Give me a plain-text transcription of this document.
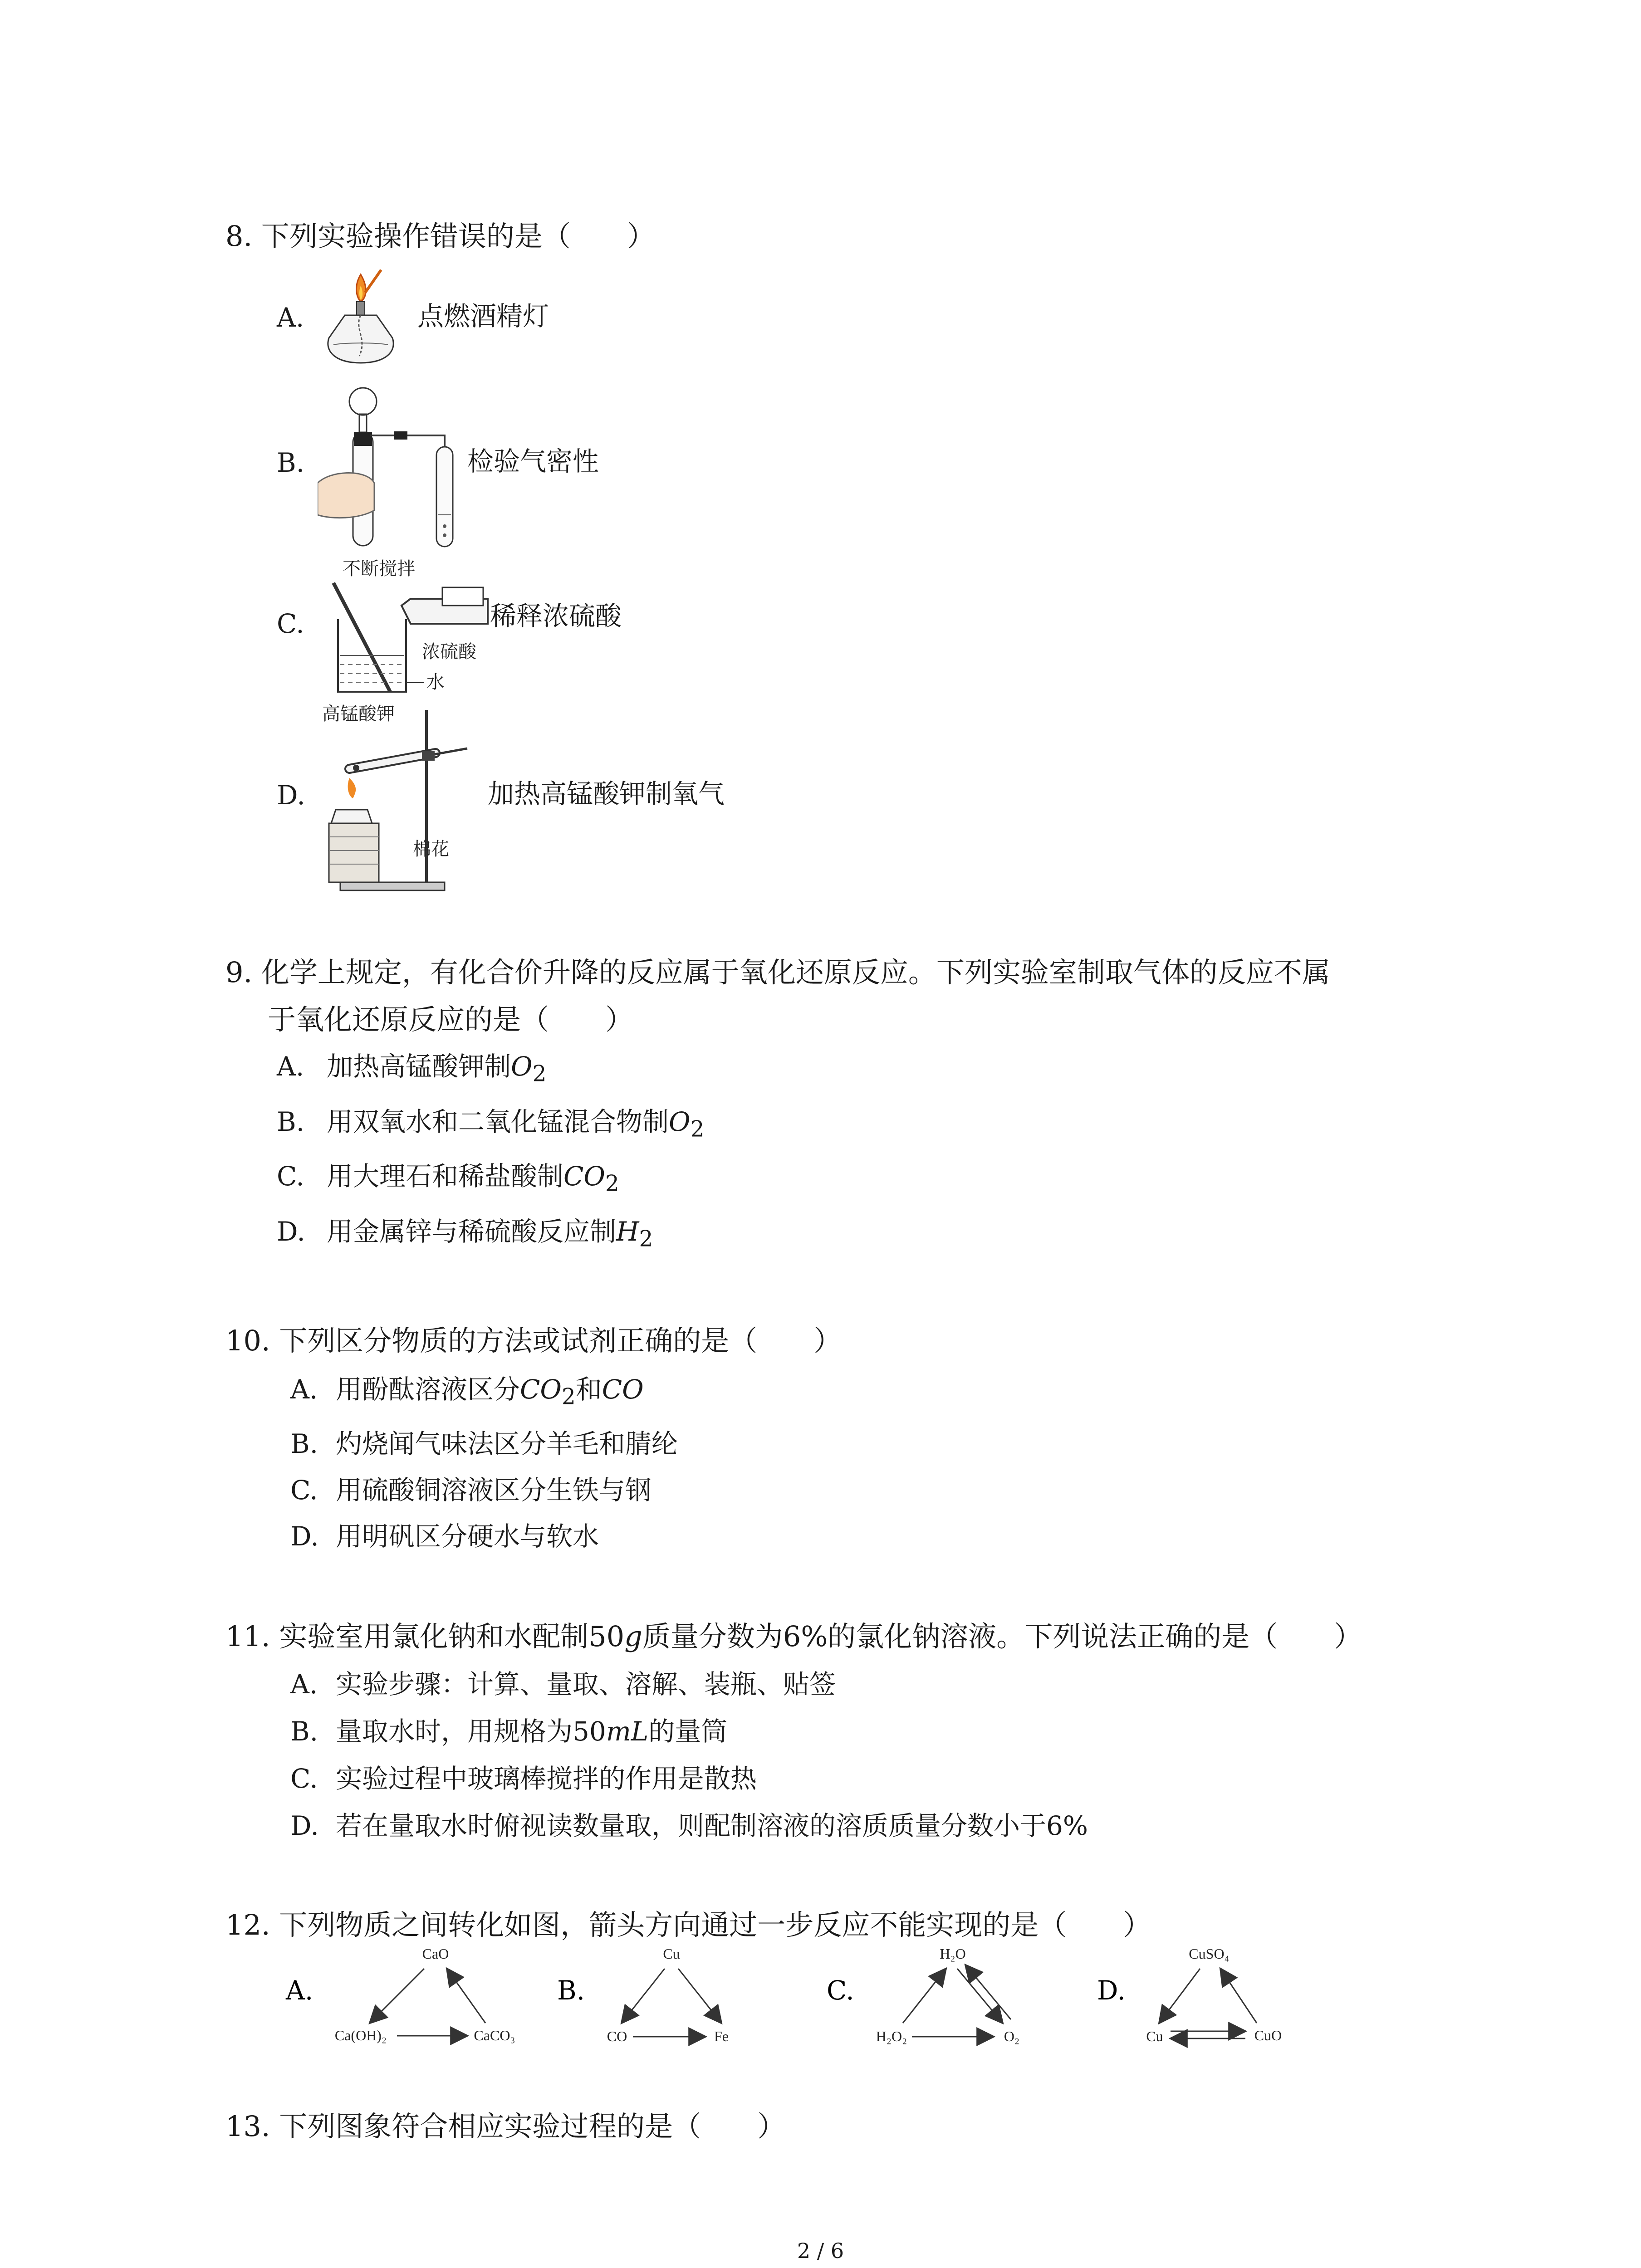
8. 下列实验操作错误的是（　　）
A.	点燃酒精灯
B.	检验气密性
C.
不断搅拌
浓硫酸
水
稀释浓硫酸
D.
高锰酸钾
棉花
加热高锰酸钾制氧气
9. 化学上规定，有化合价升降的反应属于氧化还原反应。下列实验室制取气体的反应不属
于氧化还原反应的是（　　）
A. 加热高锰酸钾制$O_2$
B. 用双氧水和二氧化锰混合物制$O_2$
C. 用大理石和稀盐酸制$CO_2$
D. 用金属锌与稀硫酸反应制$H_2$
10. 下列区分物质的方法或试剂正确的是（　　）
A. 用酚酞溶液区分$CO_2$和CO
B. 灼烧闻气味法区分羊毛和腈纶
C. 用硫酸铜溶液区分生铁与钢
D. 用明矾区分硬水与软水
11. 实验室用氯化钠和水配制50g质量分数为6%的氯化钠溶液。下列说法正确的是（　　）
A. 实验步骤：计算、量取、溶解、装瓶、贴签
B. 量取水时，用规格为50mL的量筒
C. 实验过程中玻璃棒搅拌的作用是散热
D. 若在量取水时俯视读数量取，则配制溶液的溶质质量分数小于6%
12. 下列物质之间转化如图，箭头方向通过一步反应不能实现的是（　　）
A.
CaO
Ca(OH)₂	CaCO₃
B.
Cu
CO	Fe
C.
H₂O
H₂O₂	O₂
D.
CuSO₄
Cu	CuO
13. 下列图象符合相应实验过程的是（　　）
2 / 6
